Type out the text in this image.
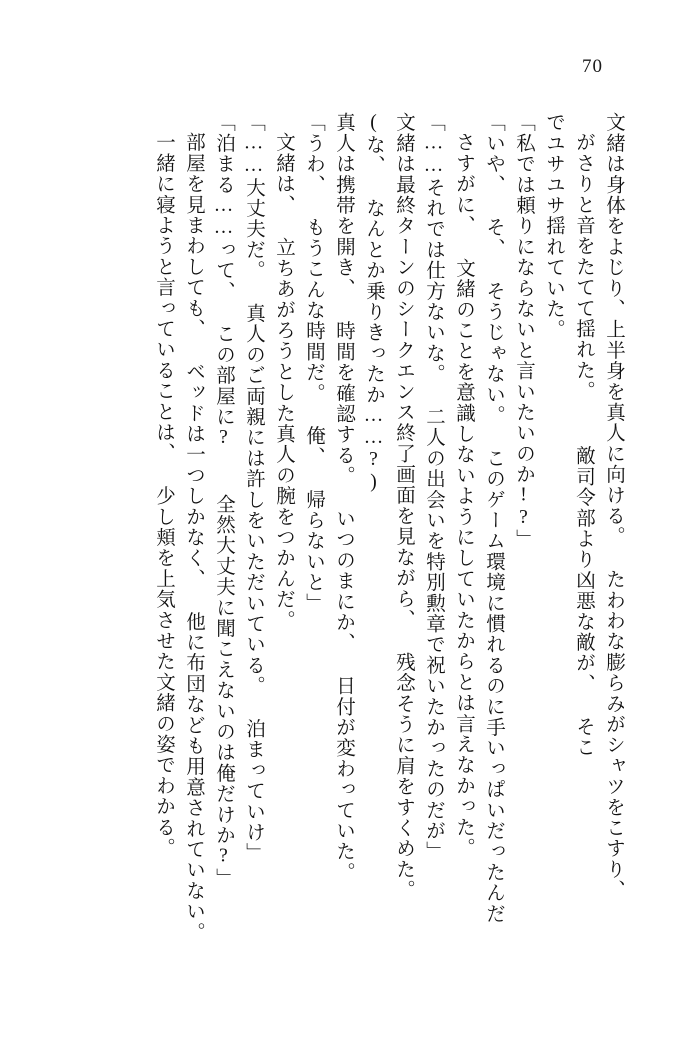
70
文緒は身体をよじり、上半身を真人に向ける。 たわわな膨らみがシャツをこすり、
がさりと音をたてて揺れた。  敵司令部より凶悪な敵が、 そこ
でユサユサ揺れていた。
「私では頼りにならないと言いたいのか!?」
「いや、 そ、 そうじゃない。 このゲーム環境に慣れるのに手いっぱいだったんだ
さすがに、 文緒のことを意識しないようにしていたからとは言えなかった。
「……それでは仕方ないな。 二人の出会いを特別勲章で祝いたかったのだが」
文緒は最終ターンのシークエンス終了画面を見ながら、 残念そうに肩をすくめた。
(な、 なんとか乗りきったか……?)
真人は携帯を開き、 時間を確認する。 いつのまにか、 日付が変わっていた。
「うわ、 もうこんな時間だ。 俺、 帰らないと」
文緒は、 立ちあがろうとした真人の腕をつかんだ。
「……大丈夫だ。 真人のご両親には許しをいただいている。 泊まっていけ」
「泊まる……って、 この部屋に?  全然大丈夫に聞こえないのは俺だけか?」
部屋を見まわしても、 ベッドは一つしかなく、 他に布団なども用意されていない。
一緒に寝ようと言っていることは、 少し頬を上気させた文緒の姿でわかる。
